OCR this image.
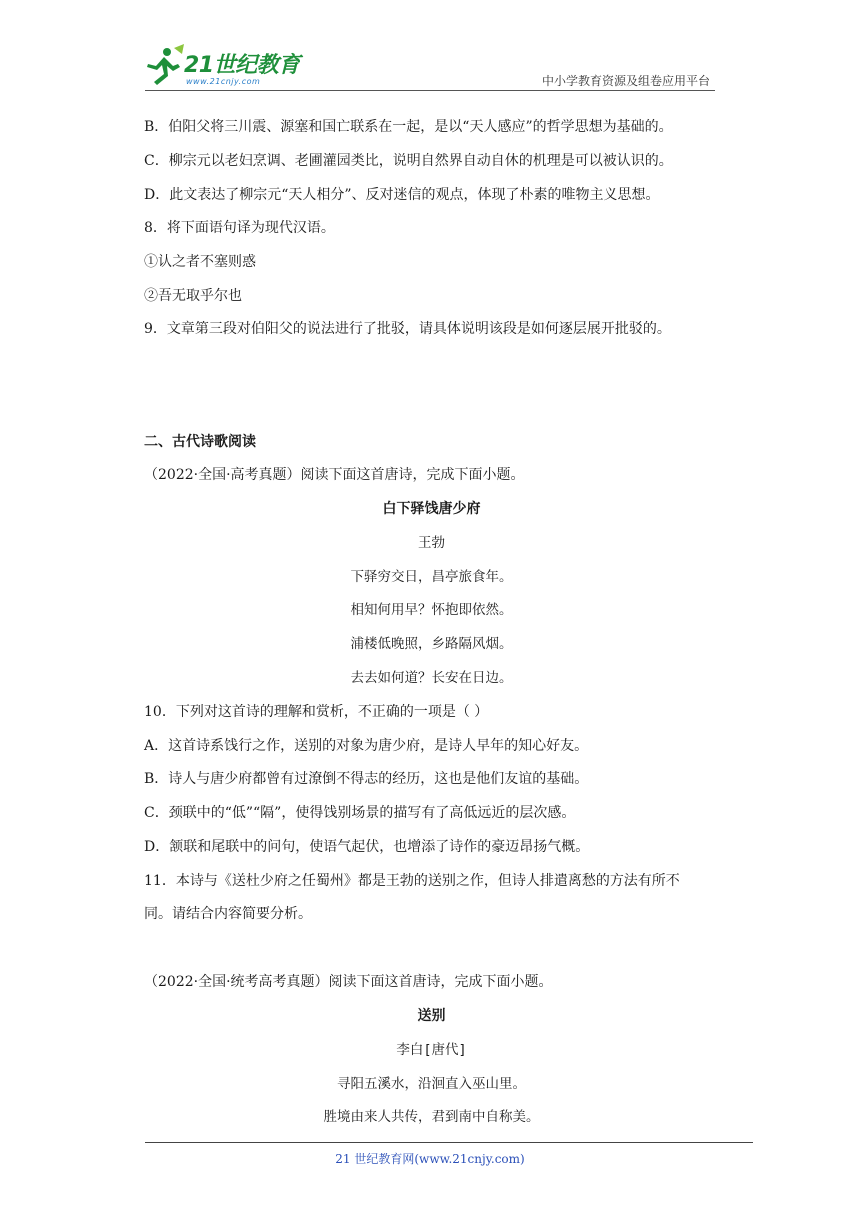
21世纪教育
www.21cnjy.com	中小学教育资源及组卷应用平台
B．伯阳父将三川震、源塞和国亡联系在一起，是以“天人感应”的哲学思想为基础的。
C．柳宗元以老妇烹调、老圃灌园类比，说明自然界自动自休的机理是可以被认识的。
D．此文表达了柳宗元“天人相分”、反对迷信的观点，体现了朴素的唯物主义思想。
8．将下面语句译为现代汉语。
①认之者不塞则惑
②吾无取乎尔也
9．文章第三段对伯阳父的说法进行了批驳，请具体说明该段是如何逐层展开批驳的。
二、古代诗歌阅读
（2022·全国·高考真题）阅读下面这首唐诗，完成下面小题。
白下驿饯唐少府
王勃
下驿穷交日，昌亭旅食年。
相知何用早？怀抱即依然。
浦楼低晚照，乡路隔风烟。
去去如何道？长安在日边。
10．下列对这首诗的理解和赏析，不正确的一项是（ ）
A．这首诗系饯行之作，送别的对象为唐少府，是诗人早年的知心好友。
B．诗人与唐少府都曾有过潦倒不得志的经历，这也是他们友谊的基础。
C．颈联中的“低”“隔”，使得饯别场景的描写有了高低远近的层次感。
D．颔联和尾联中的问句，使语气起伏，也增添了诗作的豪迈昂扬气概。
11．本诗与《送杜少府之任蜀州》都是王勃的送别之作，但诗人排遣离愁的方法有所不
同。请结合内容简要分析。
（2022·全国·统考高考真题）阅读下面这首唐诗，完成下面小题。
送别
李白[唐代]
寻阳五溪水，沿洄直入巫山里。
胜境由来人共传，君到南中自称美。
21 世纪教育网(www.21cnjy.com)
